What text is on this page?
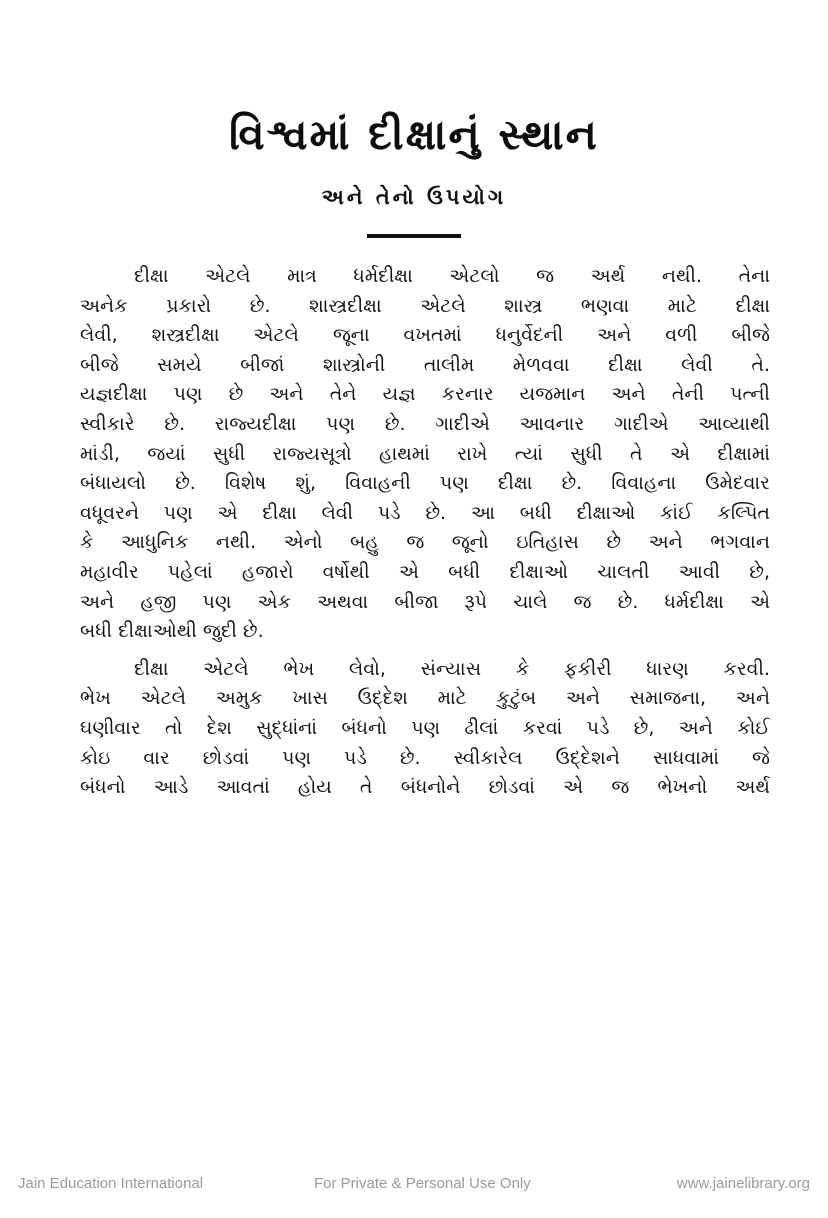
વિશ્વમાં દીક્ષાનું સ્થાન
અને તેનો ઉપયોગ

દીક્ષા એટલે માત્ર ધર્મદીક્ષા એટલો જ અર્થ નથી. તેના
અનેક પ્રકારો છે. શાસ્ત્રદીક્ષા એટલે શાસ્ત્ર ભણવા માટે દીક્ષા
લેવી, શસ્ત્રદીક્ષા એટલે જૂના વખતમાં ધનુર્વેદની અને વળી બીજે
બીજે સમયે બીજાં શાસ્ત્રોની તાલીમ મેળવવા દીક્ષા લેવી તે.
યજ્ઞદીક્ષા પણ છે અને તેને યજ્ઞ કરનાર યજમાન અને તેની પત્ની
સ્વીકારે છે. રાજ્યદીક્ષા પણ છે. ગાદીએ આવનાર ગાદીએ આવ્યાથી
માંડી, જયાં સુધી રાજ્યસૂત્રો હાથમાં રાખે ત્યાં સુધી તે એ દીક્ષામાં
બંધાયલો છે. વિશેષ શું, વિવાહની પણ દીક્ષા છે. વિવાહના ઉમેદવાર
વધૂવરને પણ એ દીક્ષા લેવી પડે છે. આ બધી દીક્ષાઓ કાંઈ કલ્પિત
કે આધુનિક નથી. એનો બહુ જ જૂનો ઇતિહાસ છે અને ભગવાન
મહાવીર પહેલાં હજારો વર્ષોથી એ બધી દીક્ષાઓ ચાલતી આવી છે,
અને હજી પણ એક અથવા બીજા રૂપે ચાલે જ છે. ધર્મદીક્ષા એ
બધી દીક્ષાઓથી જુદી છે.

દીક્ષા એટલે ભેખ લેવો, સંન્યાસ કે ફકીરી ધારણ કરવી.
ભેખ એટલે અમુક ખાસ ઉદ્દેશ માટે કુટુંબ અને સમાજના, અને
ઘણીવાર તો દેશ સુદ્ધાંનાં બંધનો પણ ઢીલાં કરવાં પડે છે, અને કોઈ
કોઇ વાર છોડવાં પણ પડે છે. સ્વીકારેલ ઉદ્દેશને સાધવામાં જે
બંધનો આડે આવતાં હોય તે બંધનોને છોડવાં એ જ ભેખનો અર્થ

Jain Education International	For Private & Personal Use Only	www.jainelibrary.org
